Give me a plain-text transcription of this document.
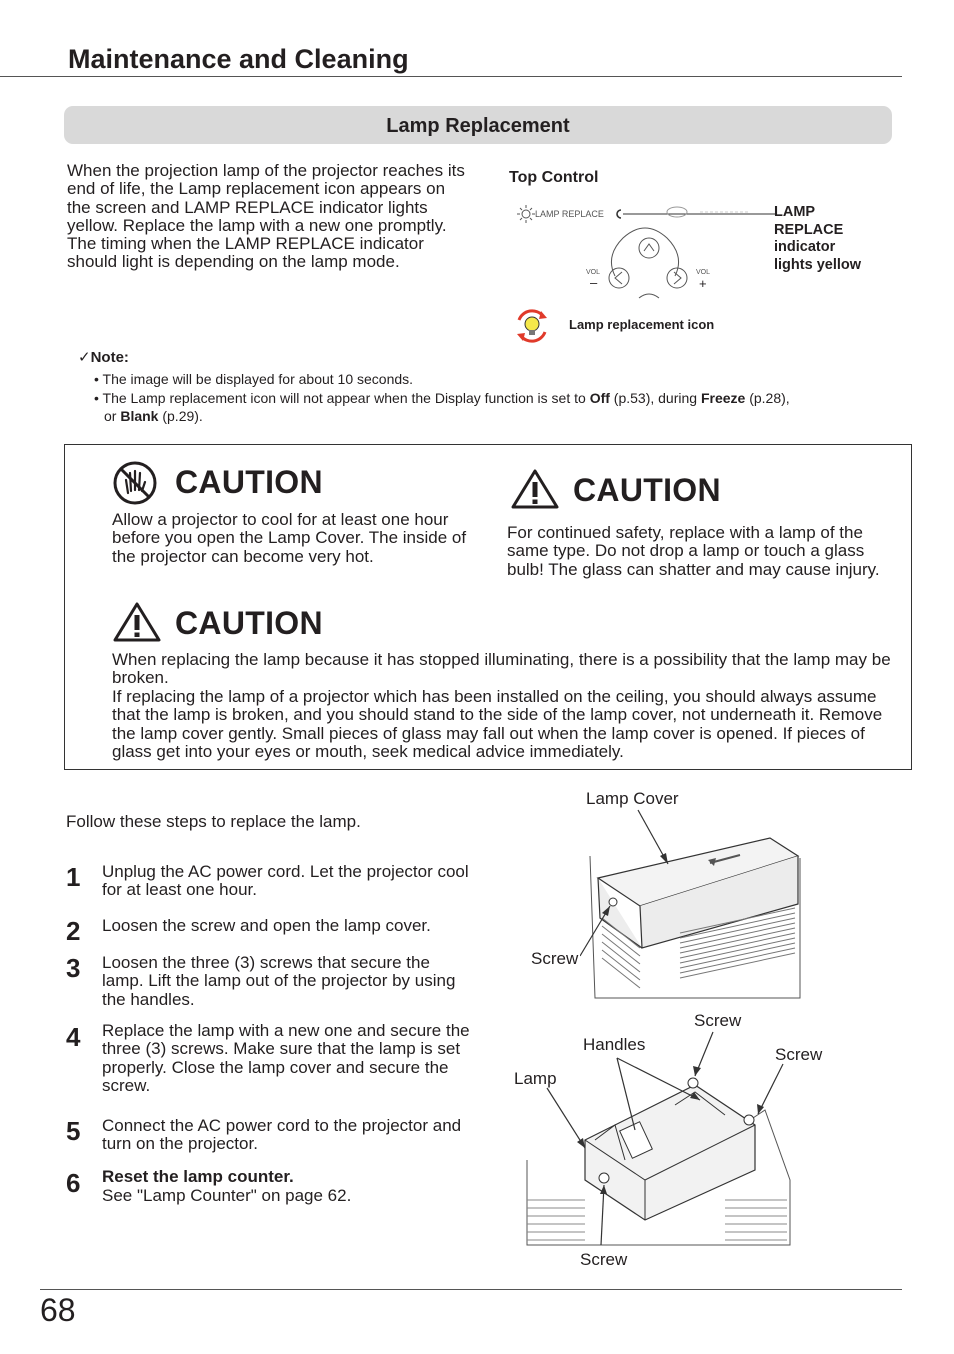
Maintenance and Cleaning
Lamp Replacement
When the projection lamp of the projector reaches its end of life, the Lamp replacement icon appears on the screen and LAMP REPLACE indicator lights yellow. Replace the lamp with a new one promptly. The timing when the LAMP REPLACE indicator should light is depending on the lamp mode.
Top Control
LAMP REPLACE
VOL	VOL
–	+
LAMP
REPLACE
indicator
lights yellow
Lamp replacement icon
✓Note:
• The image will be displayed for about 10 seconds.
• The Lamp replacement icon will not appear when the Display function is set to Off (p.53), during Freeze (p.28),
or Blank (p.29).
CAUTION
Allow a projector to cool for at least one hour before you open the Lamp Cover. The inside of the projector can become very hot.
CAUTION
For continued safety, replace with a lamp of the same type. Do not drop a lamp or touch a glass bulb! The glass can shatter and may cause injury.
CAUTION
When replacing the lamp because it has stopped illuminating, there is a possibility that the lamp may be broken.
If replacing the lamp of a projector which has been installed on the ceiling, you should always assume that the lamp is broken, and you should stand to the side of the lamp cover, not underneath it. Remove the lamp cover gently. Small pieces of glass may fall out when the lamp cover is opened. If pieces of glass get into your eyes or mouth, seek medical advice immediately.
Follow these steps to replace the lamp.
1	Unplug the AC power cord. Let the projector cool for at least one hour.
2	Loosen the screw and open the lamp cover.
3	Loosen the three (3) screws that secure the lamp. Lift the lamp out of the projector by using the handles.
4	Replace the lamp with a new one and secure the three (3) screws. Make sure that the lamp is set properly. Close the lamp cover and secure the screw.
5	Connect the AC power cord to the projector and turn on the projector.
6	Reset the lamp counter.
See "Lamp Counter" on page 62.
Lamp Cover
Screw
Screw
Handles
Screw
Lamp
Screw
68
